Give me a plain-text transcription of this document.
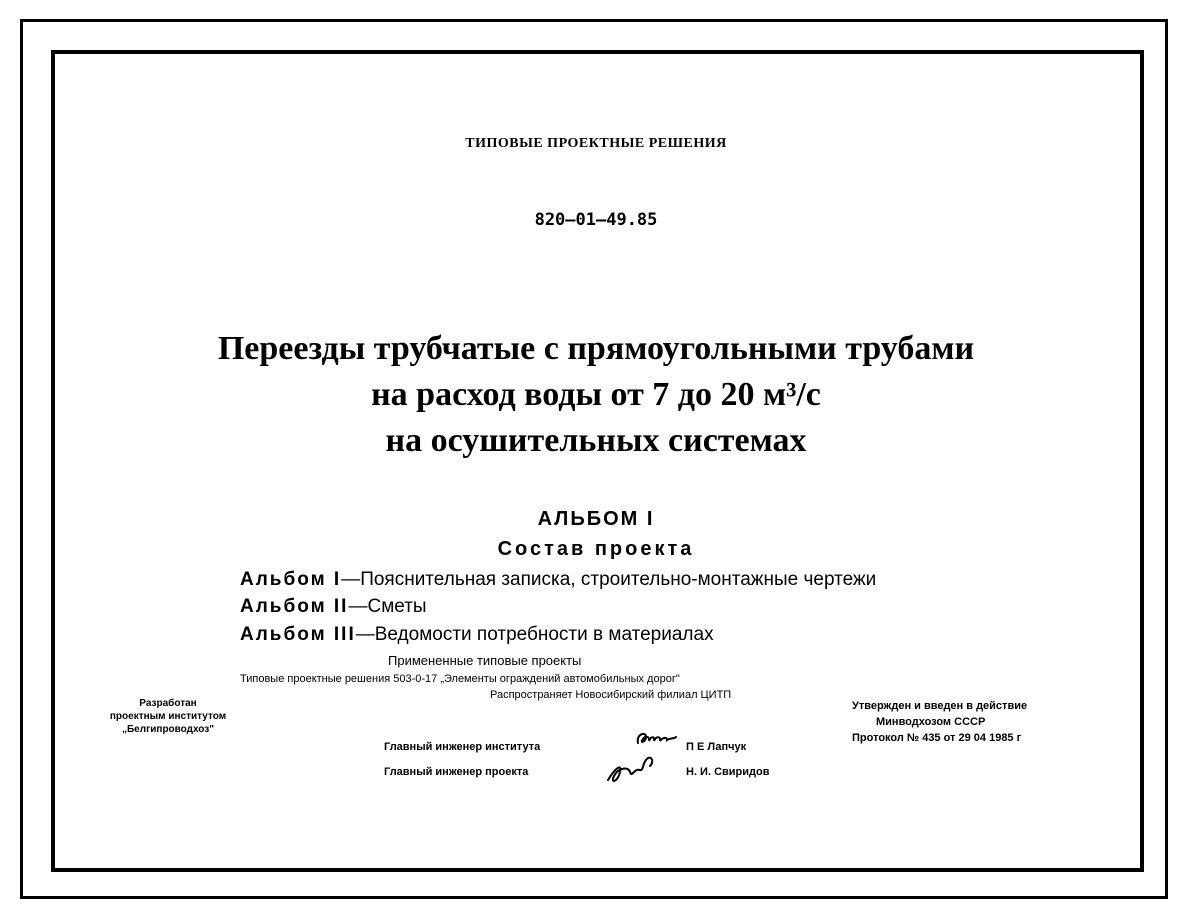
ТИПОВЫЕ ПРОЕКТНЫЕ РЕШЕНИЯ
820—01—49.85
Переезды трубчатые с прямоугольными трубами
на расход воды от 7 до 20 м³/с
на осушительных системах
АЛЬБОМ I
Состав проекта
Альбом I—Пояснительная записка, строительно-монтажные чертежи
Альбом II—Сметы
Альбом III—Ведомости потребности в материалах
Примененные типовые проекты
Типовые проектные решения 503-0-17 „Элементы ограждений автомобильных дорог"
Распространяет Новосибирский филиал ЦИТП
Разработан
проектным институтом
„Белгипроводхоз"
Утвержден и введен в действие
Минводхозом СССР
Протокол № 435 от 29 04 1985 г
Главный инженер института	П Е Лапчук
Главный инженер проекта	Н. И. Свиридов
